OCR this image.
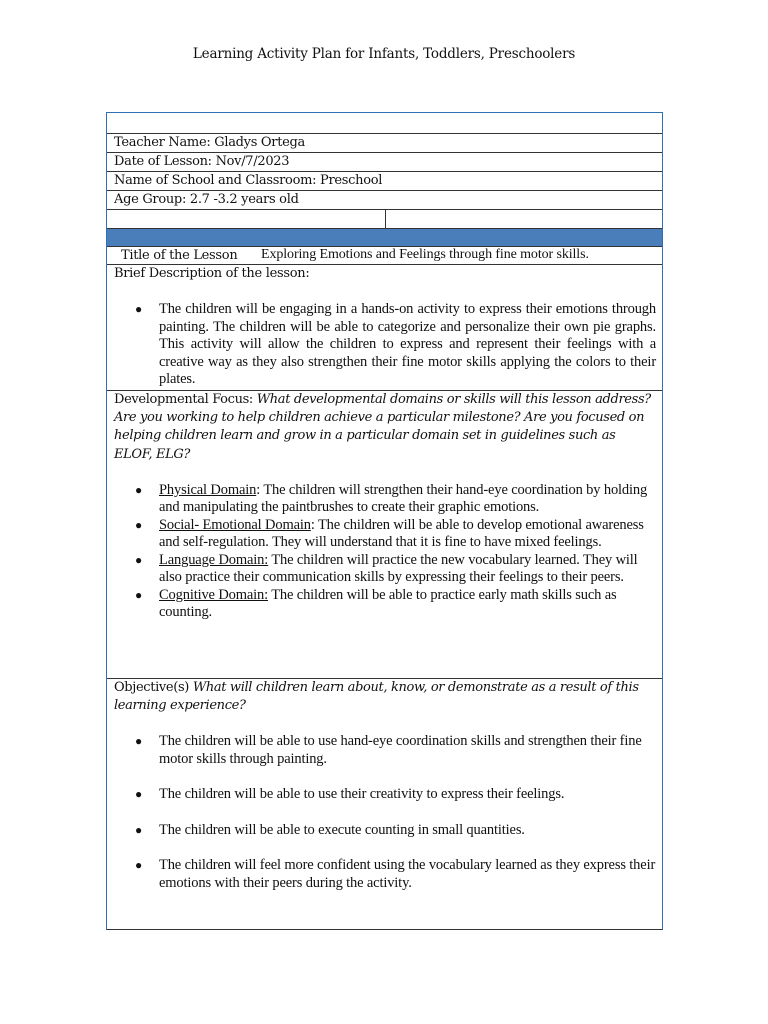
Learning Activity Plan for Infants, Toddlers, Preschoolers
Teacher Name: Gladys Ortega
Date of Lesson: Nov/7/2023
Name of School and Classroom: Preschool
Age Group: 2.7 -3.2 years old
Title of the Lesson Exploring Emotions and Feelings through fine motor skills.
Brief Description of the lesson:
● The children will be engaging in a hands-on activity to express their emotions through painting. The children will be able to categorize and personalize their own pie graphs. This activity will allow the children to express and represent their feelings with a creative way as they also strengthen their fine motor skills applying the colors to their plates.
Developmental Focus: What developmental domains or skills will this lesson address? Are you working to help children achieve a particular milestone? Are you focused on helping children learn and grow in a particular domain set in guidelines such as ELOF, ELG?
● Physical Domain: The children will strengthen their hand-eye coordination by holding and manipulating the paintbrushes to create their graphic emotions.
● Social- Emotional Domain: The children will be able to develop emotional awareness and self-regulation. They will understand that it is fine to have mixed feelings.
● Language Domain: The children will practice the new vocabulary learned. They will also practice their communication skills by expressing their feelings to their peers.
● Cognitive Domain: The children will be able to practice early math skills such as counting.
Objective(s) What will children learn about, know, or demonstrate as a result of this learning experience?
● The children will be able to use hand-eye coordination skills and strengthen their fine motor skills through painting.
● The children will be able to use their creativity to express their feelings.
● The children will be able to execute counting in small quantities.
● The children will feel more confident using the vocabulary learned as they express their emotions with their peers during the activity.
